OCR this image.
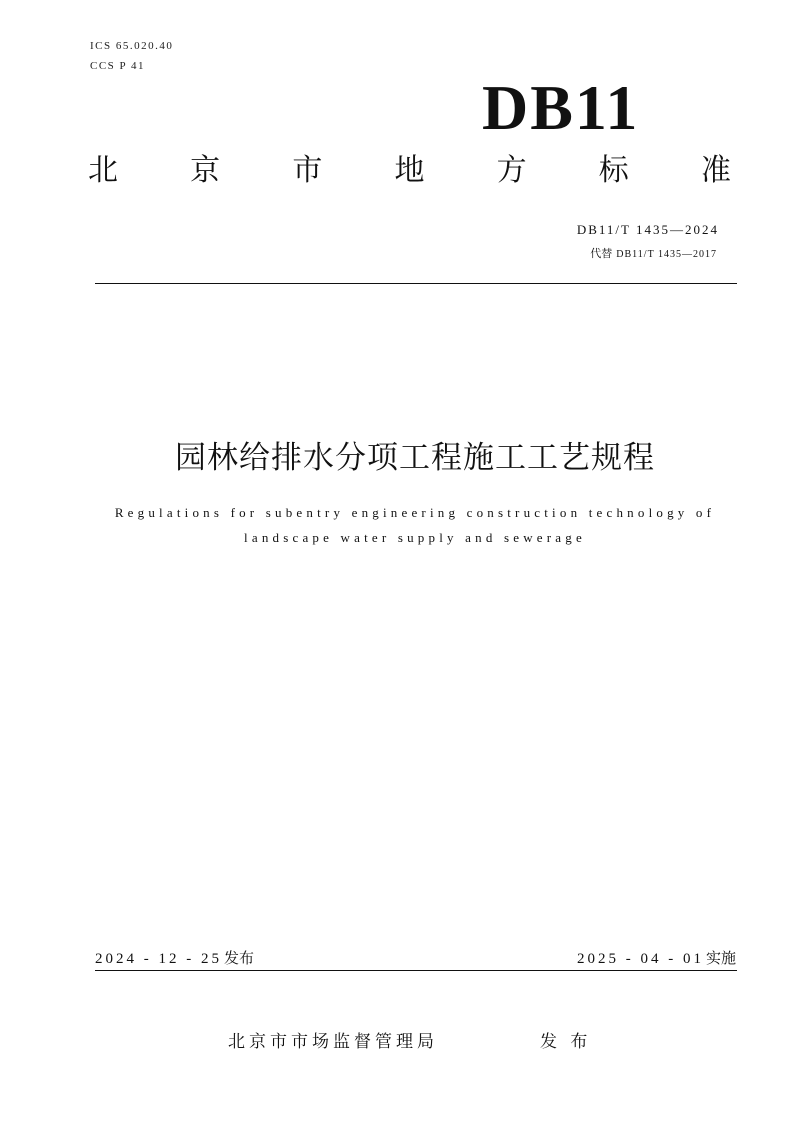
ICS 65.020.40
CCS P 41
DB11
北 京 市 地 方 标 准
DB11/T 1435—2024
代替 DB11/T 1435—2017
园林给排水分项工程施工工艺规程
Regulations for subentry engineering construction technology of
landscape water supply and sewerage
2024 - 12 - 25 发布	2025 - 04 - 01 实施
北京市市场监督管理局	发 布
